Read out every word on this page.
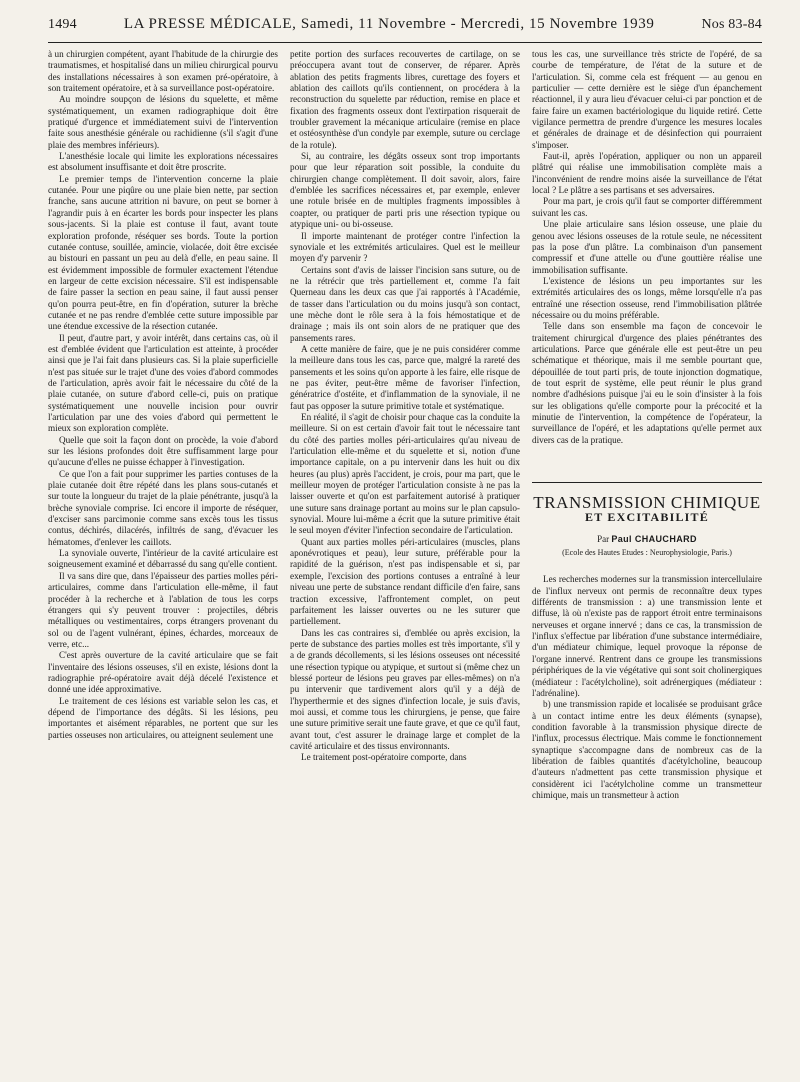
1494	LA PRESSE MÉDICALE, Samedi, 11 Novembre - Mercredi, 15 Novembre 1939	Nos 83-84

à un chirurgien compétent, ayant l'habitude de la chirurgie des traumatismes, et hospitalisé dans un milieu chirurgical pourvu des installations nécessaires à son examen pré-opératoire, à son traitement opératoire, et à sa surveillance post-opératoire.

Au moindre soupçon de lésions du squelette, et même systématiquement, un examen radiographique doit être pratiqué d'urgence et immédiatement suivi de l'intervention faite sous anesthésie générale ou rachidienne (s'il s'agit d'une plaie des membres inférieurs).

L'anesthésie locale qui limite les explorations nécessaires est absolument insuffisante et doit être proscrite.

Le premier temps de l'intervention concerne la plaie cutanée. Pour une piqûre ou une plaie bien nette, par section franche, sans aucune attrition ni bavure, on peut se borner à l'agrandir puis à en écarter les bords pour inspecter les plans sous-jacents. Si la plaie est contuse il faut, avant toute exploration profonde, réséquer ses bords. Toute la portion cutanée contuse, souillée, amincie, violacée, doit être excisée au bistouri en passant un peu au delà d'elle, en peau saine. Il est évidemment impossible de formuler exactement l'étendue en largeur de cette excision nécessaire. S'il est indispensable de faire passer la section en peau saine, il faut aussi penser qu'on pourra peut-être, en fin d'opération, suturer la brèche cutanée et ne pas rendre d'emblée cette suture impossible par une étendue excessive de la résection cutanée.

Il peut, d'autre part, y avoir intérêt, dans certains cas, où il est d'emblée évident que l'articulation est atteinte, à procéder ainsi que je l'ai fait dans plusieurs cas. Si la plaie superficielle n'est pas située sur le trajet d'une des voies d'abord commodes de l'articulation, après avoir fait le nécessaire du côté de la plaie cutanée, on suture d'abord celle-ci, puis on pratique systématiquement une nouvelle incision pour ouvrir l'articulation par une des voies d'abord qui permettent le mieux son exploration complète.

Quelle que soit la façon dont on procède, la voie d'abord sur les lésions profondes doit être suffisamment large pour qu'aucune d'elles ne puisse échapper à l'investigation.

Ce que l'on a fait pour supprimer les parties contuses de la plaie cutanée doit être répété dans les plans sous-cutanés et sur toute la longueur du trajet de la plaie pénétrante, jusqu'à la brèche synoviale comprise. Ici encore il importe de réséquer, d'exciser sans parcimonie comme sans excès tous les tissus contus, déchirés, dilacérés, infiltrés de sang, d'évacuer les hématomes, d'enlever les caillots.

La synoviale ouverte, l'intérieur de la cavité articulaire est soigneusement examiné et débarrassé du sang qu'elle contient.

Il va sans dire que, dans l'épaisseur des parties molles péri-articulaires, comme dans l'articulation elle-même, il faut procéder à la recherche et à l'ablation de tous les corps étrangers qui s'y peuvent trouver : projectiles, débris métalliques ou vestimentaires, corps étrangers provenant du sol ou de l'agent vulnérant, épines, échardes, morceaux de verre, etc...

C'est après ouverture de la cavité articulaire que se fait l'inventaire des lésions osseuses, s'il en existe, lésions dont la radiographie pré-opératoire avait déjà décelé l'existence et donné une idée approximative.

Le traitement de ces lésions est variable selon les cas, et dépend de l'importance des dégâts. Si les lésions, peu importantes et aisément réparables, ne portent que sur les parties osseuses non articulaires, ou atteignent seulement une

petite portion des surfaces recouvertes de cartilage, on se préoccupera avant tout de conserver, de réparer. Après ablation des petits fragments libres, curettage des foyers et ablation des caillots qu'ils contiennent, on procédera à la reconstruction du squelette par réduction, remise en place et fixation des fragments osseux dont l'extirpation risquerait de troubler gravement la mécanique articulaire (remise en place et ostéosynthèse d'un condyle par exemple, suture ou cerclage de la rotule).

Si, au contraire, les dégâts osseux sont trop importants pour que leur réparation soit possible, la conduite du chirurgien change complètement. Il doit savoir, alors, faire d'emblée les sacrifices nécessaires et, par exemple, enlever une rotule brisée en de multiples fragments impossibles à coapter, ou pratiquer de parti pris une résection typique ou atypique uni- ou bi-osseuse.

Il importe maintenant de protéger contre l'infection la synoviale et les extrémités articulaires. Quel est le meilleur moyen d'y parvenir ?

Certains sont d'avis de laisser l'incision sans suture, ou de ne la rétrécir que très partiellement et, comme l'a fait Querneau dans les deux cas que j'ai rapportés à l'Académie, de tasser dans l'articulation ou du moins jusqu'à son contact, une mèche dont le rôle sera à la fois hémostatique et de drainage ; mais ils ont soin alors de ne pratiquer que des pansements rares.

A cette manière de faire, que je ne puis considérer comme la meilleure dans tous les cas, parce que, malgré la rareté des pansements et les soins qu'on apporte à les faire, elle risque de ne pas éviter, peut-être même de favoriser l'infection, génératrice d'ostéite, et d'inflammation de la synoviale, il ne faut pas opposer la suture primitive totale et systématique.

En réalité, il s'agit de choisir pour chaque cas la conduite la meilleure. Si on est certain d'avoir fait tout le nécessaire tant du côté des parties molles péri-articulaires qu'au niveau de l'articulation elle-même et du squelette et si, notion d'une importance capitale, on a pu intervenir dans les huit ou dix heures (au plus) après l'accident, je crois, pour ma part, que le meilleur moyen de protéger l'articulation consiste à ne pas la laisser ouverte et qu'on est parfaitement autorisé à pratiquer une suture sans drainage portant au moins sur le plan capsulo-synovial. Moure lui-même a écrit que la suture primitive était le seul moyen d'éviter l'infection secondaire de l'articulation.

Quant aux parties molles péri-articulaires (muscles, plans aponévrotiques et peau), leur suture, préférable pour la rapidité de la guérison, n'est pas indispensable et si, par exemple, l'excision des portions contuses a entraîné à leur niveau une perte de substance rendant difficile d'en faire, sans traction excessive, l'affrontement complet, on peut parfaitement les laisser ouvertes ou ne les suturer que partiellement.

Dans les cas contraires si, d'emblée ou après excision, la perte de substance des parties molles est très importante, s'il y a de grands décollements, si les lésions osseuses ont nécessité une résection typique ou atypique, et surtout si (même chez un blessé porteur de lésions peu graves par elles-mêmes) on n'a pu intervenir que tardivement alors qu'il y a déjà de l'hyperthermie et des signes d'infection locale, je suis d'avis, moi aussi, et comme tous les chirurgiens, je pense, que faire une suture primitive serait une faute grave, et que ce qu'il faut, avant tout, c'est assurer le drainage large et complet de la cavité articulaire et des tissus environnants.

Le traitement post-opératoire comporte, dans

tous les cas, une surveillance très stricte de l'opéré, de sa courbe de température, de l'état de la suture et de l'articulation. Si, comme cela est fréquent — au genou en particulier — cette dernière est le siège d'un épanchement réactionnel, il y aura lieu d'évacuer celui-ci par ponction et de faire faire un examen bactériologique du liquide retiré. Cette vigilance permettra de prendre d'urgence les mesures locales et générales de drainage et de désinfection qui pourraient s'imposer.

Faut-il, après l'opération, appliquer ou non un appareil plâtré qui réalise une immobilisation complète mais a l'inconvénient de rendre moins aisée la surveillance de l'état local ? Le plâtre a ses partisans et ses adversaires.

Pour ma part, je crois qu'il faut se comporter différemment suivant les cas.

Une plaie articulaire sans lésion osseuse, une plaie du genou avec lésions osseuses de la rotule seule, ne nécessitent pas la pose d'un plâtre. La combinaison d'un pansement compressif et d'une attelle ou d'une gouttière réalise une immobilisation suffisante.

L'existence de lésions un peu importantes sur les extrémités articulaires des os longs, même lorsqu'elle n'a pas entraîné une résection osseuse, rend l'immobilisation plâtrée nécessaire ou du moins préférable.

Telle dans son ensemble ma façon de concevoir le traitement chirurgical d'urgence des plaies pénétrantes des articulations. Parce que générale elle est peut-être un peu schématique et théorique, mais il me semble pourtant que, dépouillée de tout parti pris, de toute injonction dogmatique, de tout esprit de système, elle peut réunir le plus grand nombre d'adhésions puisque j'ai eu le soin d'insister à la fois sur les obligations qu'elle comporte pour la précocité et la minutie de l'intervention, la compétence de l'opérateur, la surveillance de l'opéré, et les adaptations qu'elle permet aux divers cas de la pratique.

TRANSMISSION CHIMIQUE
ET EXCITABILITÉ
Par Paul CHAUCHARD
(Ecole des Hautes Etudes : Neurophysiologie, Paris.)

Les recherches modernes sur la transmission intercellulaire de l'influx nerveux ont permis de reconnaître deux types différents de transmission : a) une transmission lente et diffuse, là où n'existe pas de rapport étroit entre terminaisons nerveuses et organe innervé ; dans ce cas, la transmission de l'influx s'effectue par libération d'une substance intermédiaire, d'un médiateur chimique, lequel provoque la réponse de l'organe innervé. Rentrent dans ce groupe les transmissions périphériques de la vie végétative qui sont soit cholinergiques (médiateur : l'acétylcholine), soit adrénergiques (médiateur : l'adrénaline).

b) une transmission rapide et localisée se produisant grâce à un contact intime entre les deux éléments (synapse), condition favorable à la transmission physique directe de l'influx, processus électrique. Mais comme le fonctionnement synaptique s'accompagne dans de nombreux cas de la libération de faibles quantités d'acétylcholine, beaucoup d'auteurs n'admettent pas cette transmission physique et considèrent ici l'acétylcholine comme un transmetteur chimique, mais un transmetteur à action
